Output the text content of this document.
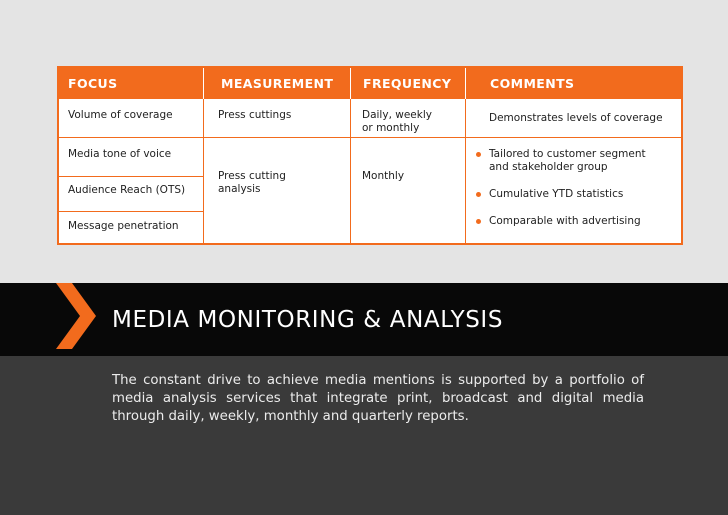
FOCUS	MEASUREMENT FREQUENCY	COMMENTS
Volume of coverage
Media tone of voice
Audience Reach (OTS)
Message penetration
Press cuttings
Press cutting
analysis
Daily, weekly
or monthly
Monthly
Demonstrates levels of coverage
Tailored to customer segment
and stakeholder group
Cumulative YTD statistics
Comparable with advertising
MEDIA MONITORING & ANALYSIS
The constant drive to achieve media mentions is supported by a portfolio of media analysis services that integrate print, broadcast and digital media through daily, weekly, monthly and quarterly reports.
